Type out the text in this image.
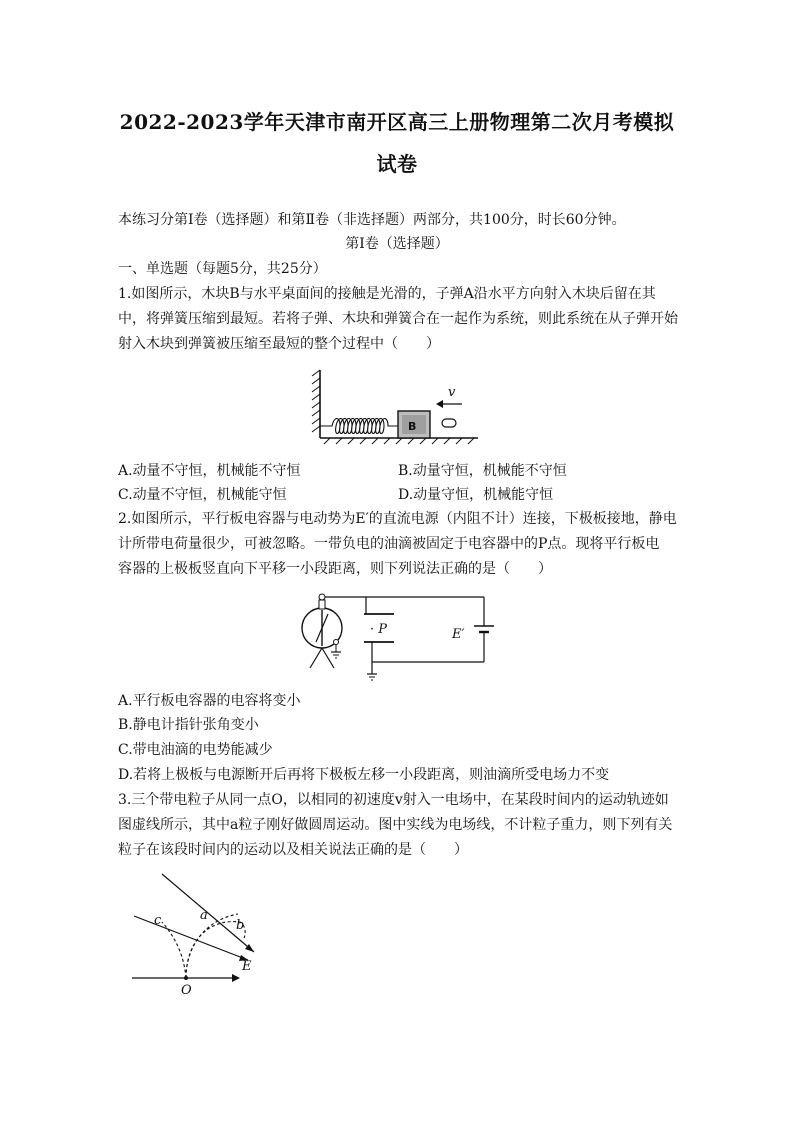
2022-2023学年天津市南开区高三上册物理第二次月考模拟
试卷
本练习分第Ⅰ卷（选择题）和第Ⅱ卷（非选择题）两部分，共100分，时长60分钟。
第Ⅰ卷（选择题）
一、单选题（每题5分，共25分）
1.如图所示，木块B与水平桌面间的接触是光滑的，子弹A沿水平方向射入木块后留在其
中，将弹簧压缩到最短。若将子弹、木块和弹簧合在一起作为系统，则此系统在从子弹开始
射入木块到弹簧被压缩至最短的整个过程中（　　）
B
v
A.动量不守恒，机械能不守恒	B.动量守恒，机械能不守恒
C.动量不守恒，机械能守恒	D.动量守恒，机械能守恒
2.如图所示，平行板电容器与电动势为E′的直流电源（内阻不计）连接，下极板接地，静电
计所带电荷量很少，可被忽略。一带负电的油滴被固定于电容器中的P点。现将平行板电
容器的上极板竖直向下平移一小段距离，则下列说法正确的是（　　）
· P	E′
A.平行板电容器的电容将变小
B.静电计指针张角变小
C.带电油滴的电势能减少
D.若将上极板与电源断开后再将下极板左移一小段距离，则油滴所受电场力不变
3.三个带电粒子从同一点O，以相同的初速度v射入一电场中，在某段时间内的运动轨迹如
图虚线所示，其中a粒子刚好做圆周运动。图中实线为电场线，不计粒子重力，则下列有关
粒子在该段时间内的运动以及相关说法正确的是（　　）
c	a
b
E
O
